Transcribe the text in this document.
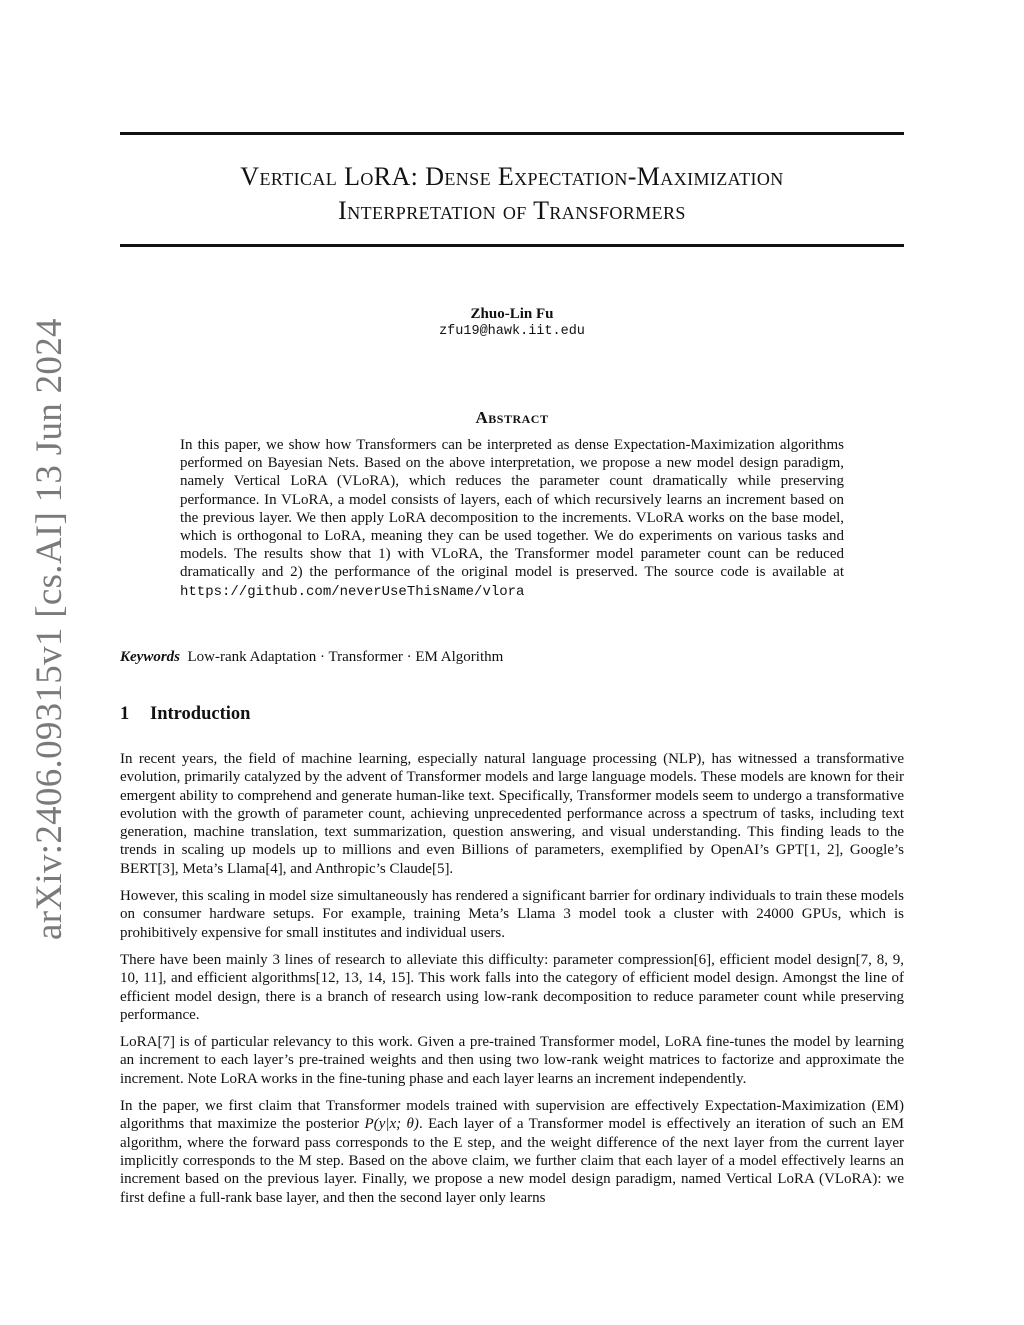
arXiv:2406.09315v1 [cs.AI] 13 Jun 2024
Vertical LoRA: Dense Expectation-Maximization
Interpretation of Transformers
Zhuo-Lin Fu
zfu19@hawk.iit.edu
Abstract
In this paper, we show how Transformers can be interpreted as dense Expectation-Maximization algorithms performed on Bayesian Nets. Based on the above interpretation, we propose a new model design paradigm, namely Vertical LoRA (VLoRA), which reduces the parameter count dramatically while preserving performance. In VLoRA, a model consists of layers, each of which recursively learns an increment based on the previous layer. We then apply LoRA decomposition to the increments. VLoRA works on the base model, which is orthogonal to LoRA, meaning they can be used together. We do experiments on various tasks and models. The results show that 1) with VLoRA, the Transformer model parameter count can be reduced dramatically and 2) the performance of the original model is preserved. The source code is available at https://github.com/neverUseThisName/vlora
Keywords Low-rank Adaptation · Transformer · EM Algorithm
1 Introduction

In recent years, the field of machine learning, especially natural language processing (NLP), has witnessed a transformative evolution, primarily catalyzed by the advent of Transformer models and large language models. These models are known for their emergent ability to comprehend and generate human-like text. Specifically, Transformer models seem to undergo a transformative evolution with the growth of parameter count, achieving unprecedented performance across a spectrum of tasks, including text generation, machine translation, text summarization, question answering, and visual understanding. This finding leads to the trends in scaling up models up to millions and even Billions of parameters, exemplified by OpenAI’s GPT[1, 2], Google’s BERT[3], Meta’s Llama[4], and Anthropic’s Claude[5].

However, this scaling in model size simultaneously has rendered a significant barrier for ordinary individuals to train these models on consumer hardware setups. For example, training Meta’s Llama 3 model took a cluster with 24000 GPUs, which is prohibitively expensive for small institutes and individual users.

There have been mainly 3 lines of research to alleviate this difficulty: parameter compression[6], efficient model design[7, 8, 9, 10, 11], and efficient algorithms[12, 13, 14, 15]. This work falls into the category of efficient model design. Amongst the line of efficient model design, there is a branch of research using low-rank decomposition to reduce parameter count while preserving performance.

LoRA[7] is of particular relevancy to this work. Given a pre-trained Transformer model, LoRA fine-tunes the model by learning an increment to each layer’s pre-trained weights and then using two low-rank weight matrices to factorize and approximate the increment. Note LoRA works in the fine-tuning phase and each layer learns an increment independently.

In the paper, we first claim that Transformer models trained with supervision are effectively Expectation-Maximization (EM) algorithms that maximize the posterior P(y|x; θ). Each layer of a Transformer model is effectively an iteration of such an EM algorithm, where the forward pass corresponds to the E step, and the weight difference of the next layer from the current layer implicitly corresponds to the M step. Based on the above claim, we further claim that each layer of a model effectively learns an increment based on the previous layer. Finally, we propose a new model design paradigm, named Vertical LoRA (VLoRA): we first define a full-rank base layer, and then the second layer only learns
